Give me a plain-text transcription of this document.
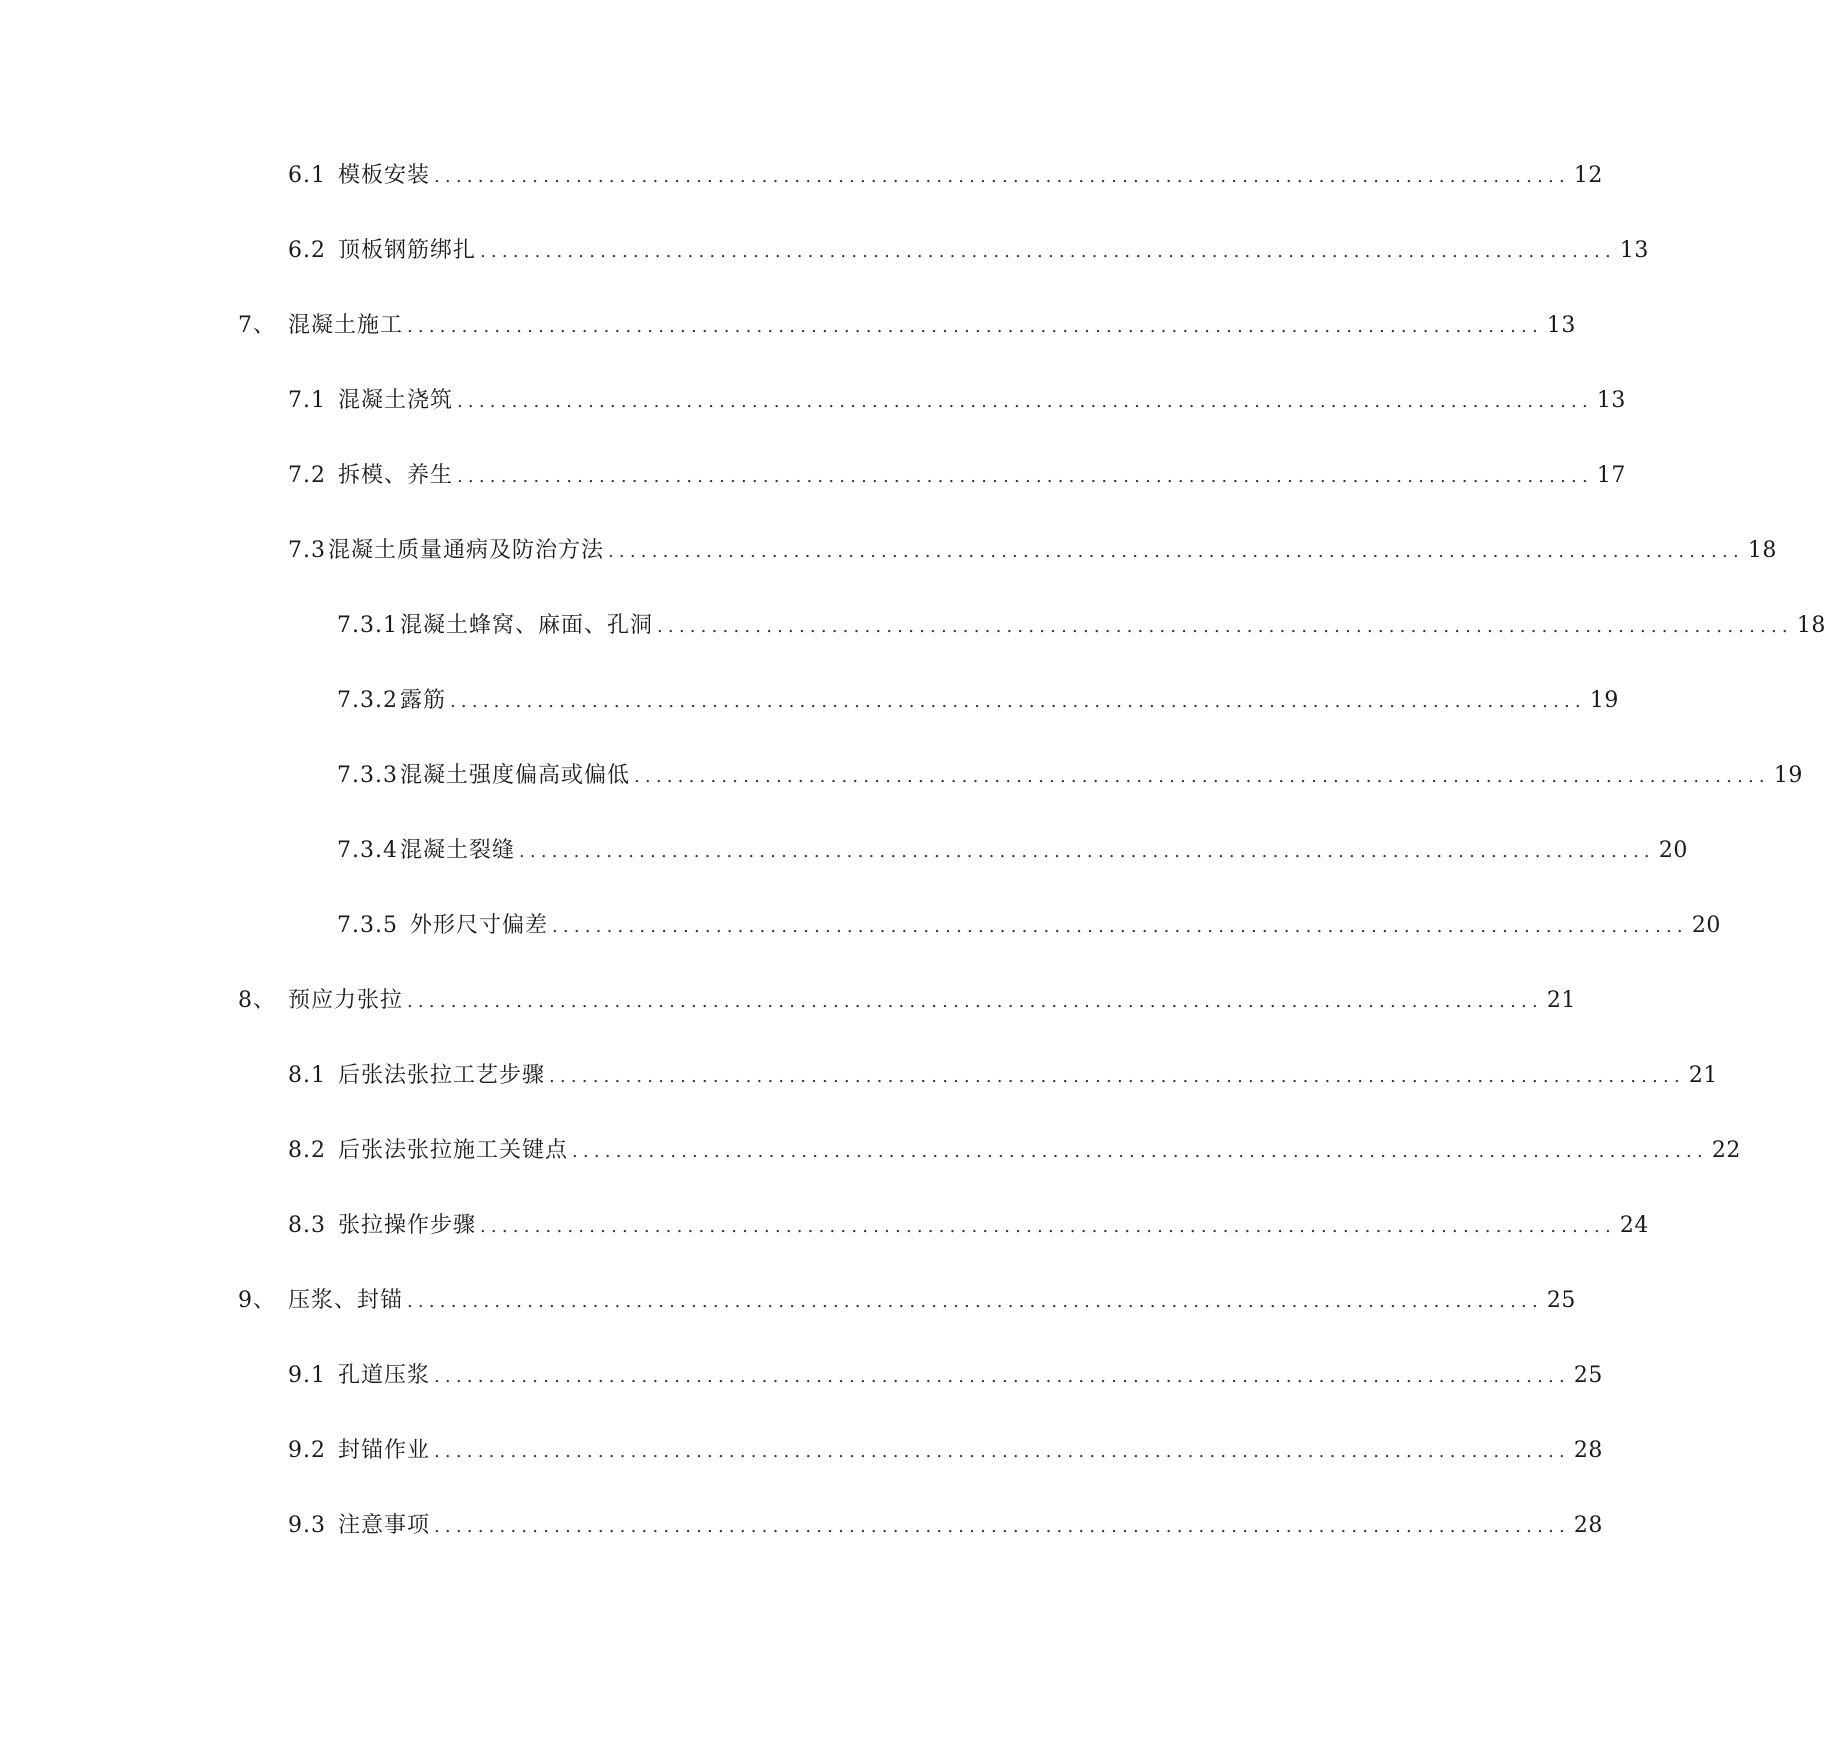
6.1 模板安装 ........................................................................................................ 12
6.2 顶板钢筋绑扎 ........................................................................................................ 13
7、 混凝土施工 ........................................................................................................ 13
7.1 混凝土浇筑 ........................................................................................................ 13
7.2 拆模、养生 ........................................................................................................ 17
7.3 混凝土质量通病及防治方法 ........................................................................................................ 18
7.3.1 混凝土蜂窝、麻面、孔洞 ........................................................................................................ 18
7.3.2 露筋 ........................................................................................................ 19
7.3.3 混凝土强度偏高或偏低 ........................................................................................................ 19
7.3.4 混凝土裂缝 ........................................................................................................ 20
7.3.5 外形尺寸偏差 ........................................................................................................ 20
8、 预应力张拉 ........................................................................................................ 21
8.1 后张法张拉工艺步骤 ........................................................................................................ 21
8.2 后张法张拉施工关键点 ........................................................................................................ 22
8.3 张拉操作步骤 ........................................................................................................ 24
9、 压浆、封锚 ........................................................................................................ 25
9.1 孔道压浆 ........................................................................................................ 25
9.2 封锚作业 ........................................................................................................ 28
9.3 注意事项 ........................................................................................................ 28
